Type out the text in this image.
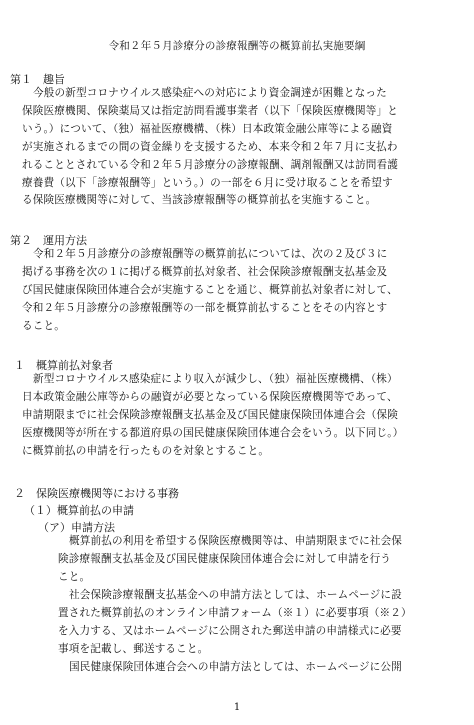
令和２年５月診療分の診療報酬等の概算前払実施要綱
第１　趣旨
今般の新型コロナウイルス感染症への対応により資金調達が困難となった
保険医療機関、保険薬局又は指定訪問看護事業者（以下「保険医療機関等」と
いう。）について、（独）福祉医療機構、（株）日本政策金融公庫等による融資
が実施されるまでの間の資金繰りを支援するため、本来令和２年７月に支払わ
れることとされている令和２年５月診療分の診療報酬、調剤報酬又は訪問看護
療養費（以下「診療報酬等」という。）の一部を６月に受け取ることを希望す
る保険医療機関等に対して、当該診療報酬等の概算前払を実施すること。
第２　運用方法
令和２年５月診療分の診療報酬等の概算前払については、次の２及び３に
掲げる事務を次の１に掲げる概算前払対象者、社会保険診療報酬支払基金及
び国民健康保険団体連合会が実施することを通じ、概算前払対象者に対して、
令和２年５月診療分の診療報酬等の一部を概算前払することをその内容とす
ること。
１　概算前払対象者
新型コロナウイルス感染症により収入が減少し、（独）福祉医療機構、（株）
日本政策金融公庫等からの融資が必要となっている保険医療機関等であって、
申請期限までに社会保険診療報酬支払基金及び国民健康保険団体連合会（保険
医療機関等が所在する都道府県の国民健康保険団体連合会をいう。以下同じ。）
に概算前払の申請を行ったものを対象とすること。
２　保険医療機関等における事務
（１）概算前払の申請
（ア）申請方法
概算前払の利用を希望する保険医療機関等は、申請期限までに社会保
険診療報酬支払基金及び国民健康保険団体連合会に対して申請を行う
こと。
社会保険診療報酬支払基金への申請方法としては、ホームページに設
置された概算前払のオンライン申請フォーム（※１）に必要事項（※２）
を入力する、又はホームページに公開された郵送申請の申請様式に必要
事項を記載し、郵送すること。
国民健康保険団体連合会への申請方法としては、ホームページに公開
1
